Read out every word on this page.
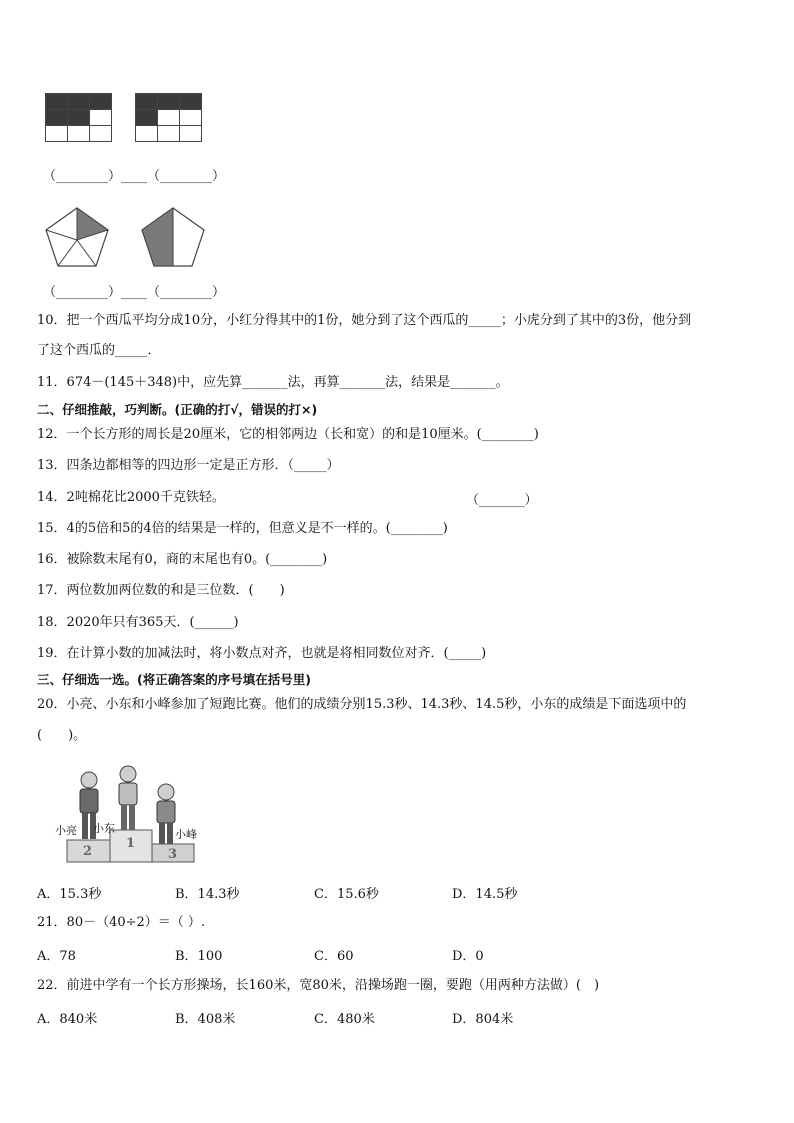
（________）____（________）
（________）____（________）
10．把一个西瓜平均分成10分，小红分得其中的1份，她分到了这个西瓜的_____；小虎分到了其中的3份，他分到
了这个西瓜的_____．
11．674－(145＋348)中，应先算_______法，再算_______法，结果是_______。
二、仔细推敲，巧判断。(正确的打√，错误的打×)
12．一个长方形的周长是20厘米，它的相邻两边（长和宽）的和是10厘米。(________)
13．四条边都相等的四边形一定是正方形．（_____）
14．2吨棉花比2000千克铁轻。	（_______）
15．4的5倍和5的4倍的结果是一样的，但意义是不一样的。(________)
16．被除数末尾有0，商的末尾也有0。(________)
17．两位数加两位数的和是三位数．(　　)
18．2020年只有365天．(______)
19．在计算小数的加减法时，将小数点对齐，也就是将相同数位对齐．(_____)
三、仔细选一选。(将正确答案的序号填在括号里)
20．小亮、小东和小峰参加了短跑比赛。他们的成绩分别15.3秒、14.3秒、14.5秒，小东的成绩是下面选项中的
(　　)。
2
1
3
小亮 小东	小峰
A．15.3秒	B．14.3秒	C．15.6秒	D．14.5秒
21．80－（40÷2）＝（ ）.
A．78	B．100	C．60	D．0
22．前进中学有一个长方形操场，长160米，宽80米，沿操场跑一圈，要跑（用两种方法做）(　)
A．840米	B．408米	C．480米	D．804米
